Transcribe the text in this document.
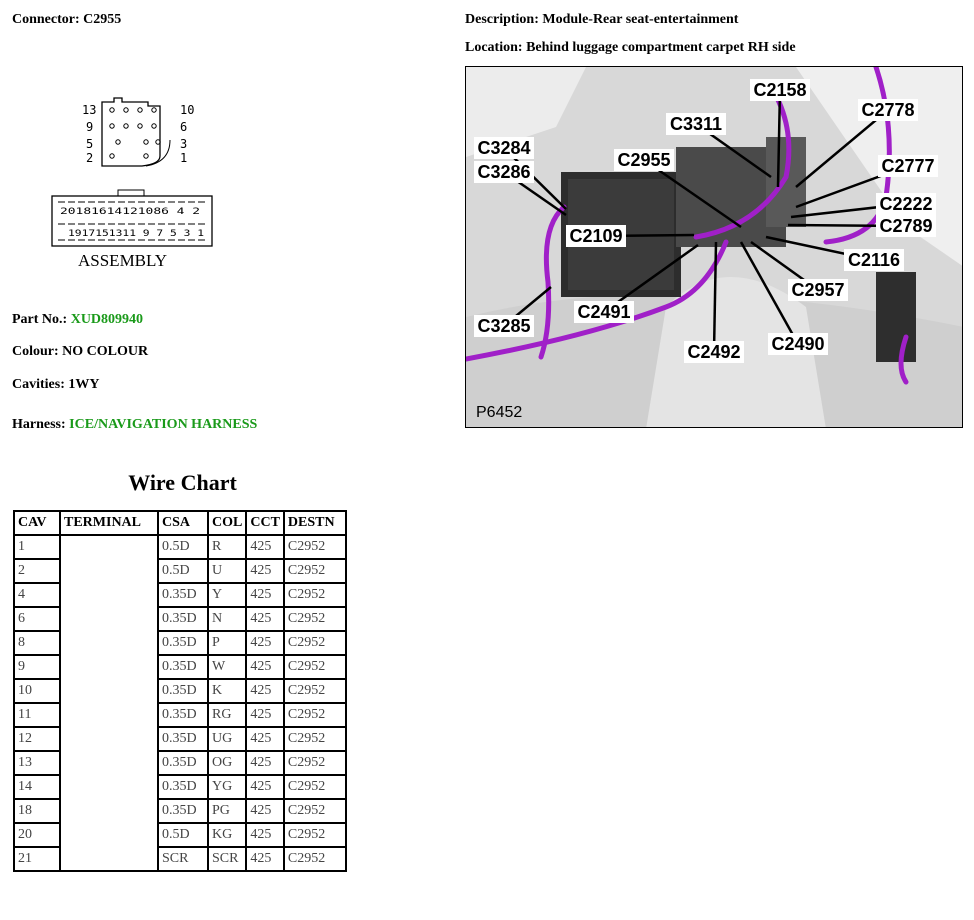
Connector: C2955	Description: Module-Rear seat-entertainment
Location: Behind luggage compartment carpet RH side
13	10
9	6
5	3
2	1
20181614121086 4 2
1917151311 9 7 5 3 1
ASSEMBLY
Part No.: XUD809940
Colour: NO COLOUR
Cavities: 1WY
Harness: ICE/NAVIGATION HARNESS
C2158
C2778
C3311
C3284
C3286
C2955	C2777
C2222
C2789
C2109
C2116
C2957
C2491
C3285
C2490
C2492
P6452
Wire Chart
CAV	TERMINAL	CSA	COL	CCT	DESTN
1		0.5D	R	425	C2952
2		0.5D	U	425	C2952
4		0.35D	Y	425	C2952
6		0.35D	N	425	C2952
8		0.35D	P	425	C2952
9		0.35D	W	425	C2952
10		0.35D	K	425	C2952
11		0.35D	RG	425	C2952
12		0.35D	UG	425	C2952
13		0.35D	OG	425	C2952
14		0.35D	YG	425	C2952
18		0.35D	PG	425	C2952
20		0.5D	KG	425	C2952
21		SCR	SCR	425	C2952
